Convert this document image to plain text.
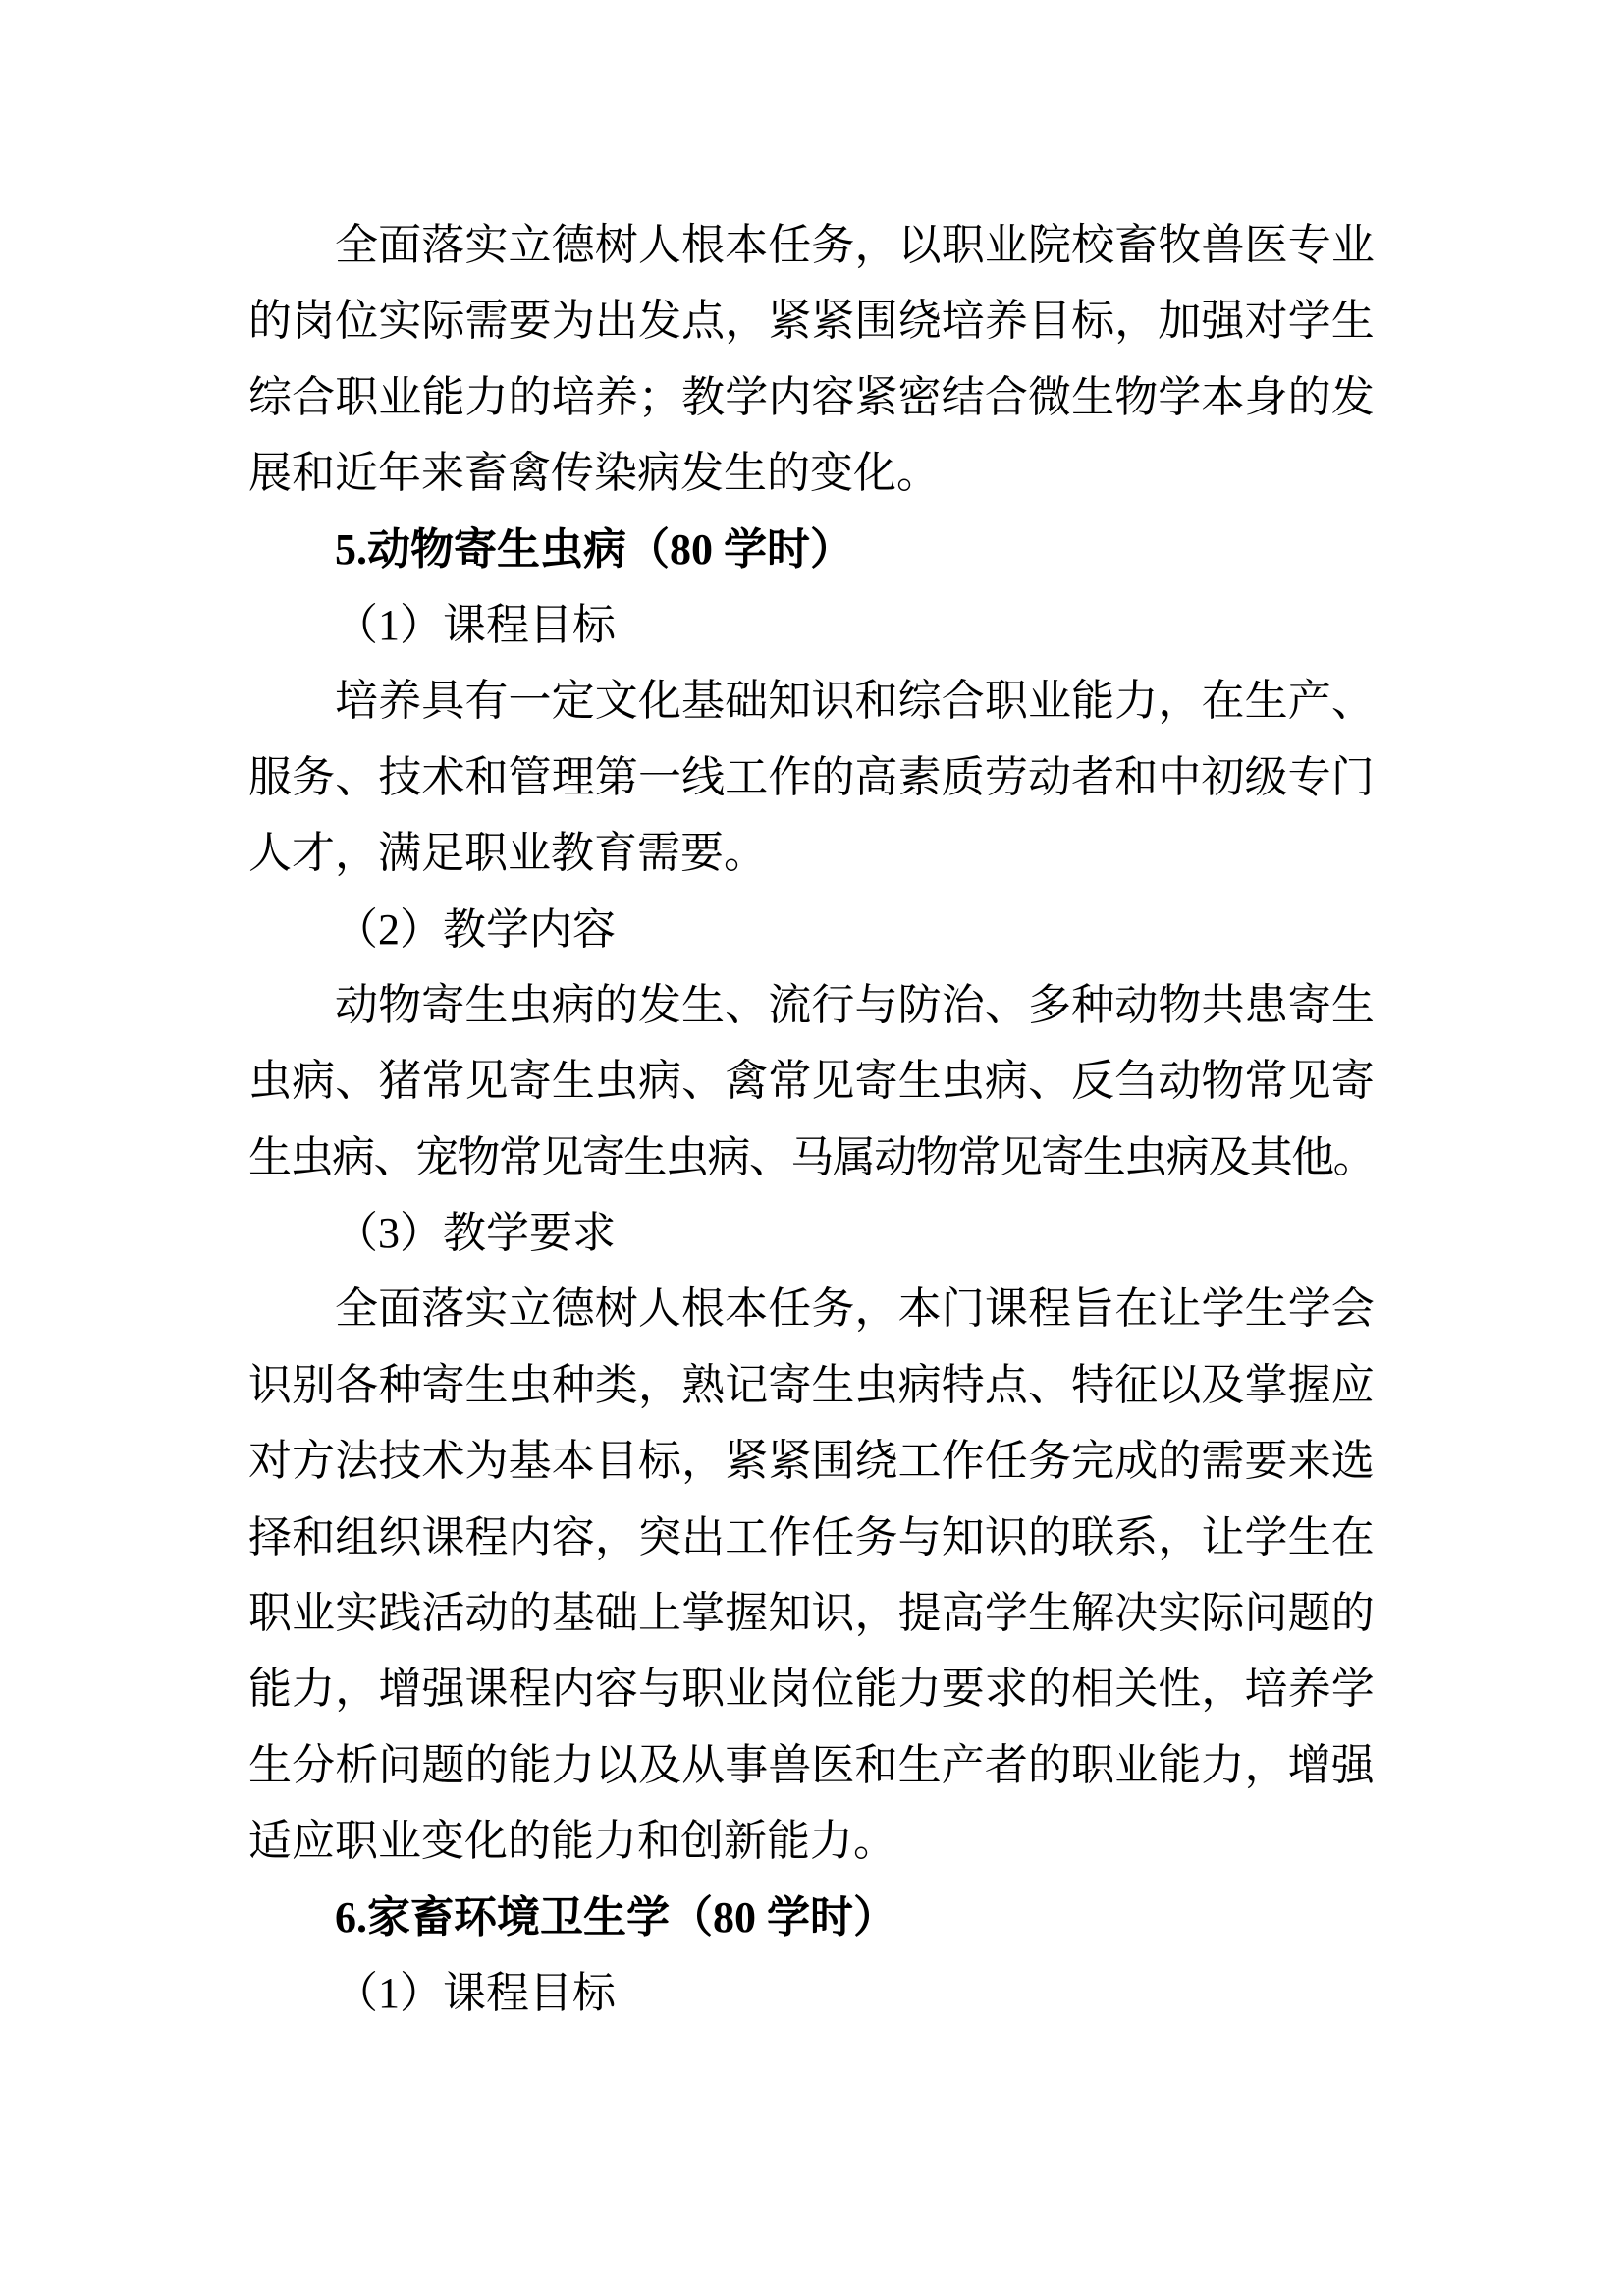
全 面 落 实 立 德 树 人 根 本 任 务 ， 以 职 业 院 校 畜 牧 兽 医 专 业
的 岗 位 实 际 需 要 为 出 发 点 ， 紧 紧 围 绕 培 养 目 标 ， 加 强 对 学 生
综 合 职 业 能 力 的 培 养 ； 教 学 内 容 紧 密 结 合 微 生 物 学 本 身 的 发
展和近年来畜禽传染病发生的变化。
5.动物寄生虫病（80 学时）
（1）课程目标
培 养 具 有 一 定 文 化 基 础 知 识 和 综 合 职 业 能 力 ， 在 生 产 、
服 务 、 技 术 和 管 理 第 一 线 工 作 的 高 素 质 劳 动 者 和 中 初 级 专 门
人才，满足职业教育需要。
（2）教学内容
动 物 寄 生 虫 病 的 发 生 、 流 行 与 防 治 、 多 种 动 物 共 患 寄 生
虫 病 、 猪 常 见 寄 生 虫 病 、 禽 常 见 寄 生 虫 病 、 反 刍 动 物 常 见 寄
生 虫 病 、 宠 物 常 见 寄 生 虫 病 、 马 属 动 物 常 见 寄 生 虫 病 及 其 他 。
（3）教学要求
全 面 落 实 立 德 树 人 根 本 任 务 ， 本 门 课 程 旨 在 让 学 生 学 会
识 别 各 种 寄 生 虫 种 类 ， 熟 记 寄 生 虫 病 特 点 、 特 征 以 及 掌 握 应
对 方 法 技 术 为 基 本 目 标 ， 紧 紧 围 绕 工 作 任 务 完 成 的 需 要 来 选
择 和 组 织 课 程 内 容 ， 突 出 工 作 任 务 与 知 识 的 联 系 ， 让 学 生 在
职 业 实 践 活 动 的 基 础 上 掌 握 知 识 ， 提 高 学 生 解 决 实 际 问 题 的
能 力 ， 增 强 课 程 内 容 与 职 业 岗 位 能 力 要 求 的 相 关 性 ， 培 养 学
生 分 析 问 题 的 能 力 以 及 从 事 兽 医 和 生 产 者 的 职 业 能 力 ， 增 强
适应职业变化的能力和创新能力。
6.家畜环境卫生学（80 学时）
（1）课程目标
